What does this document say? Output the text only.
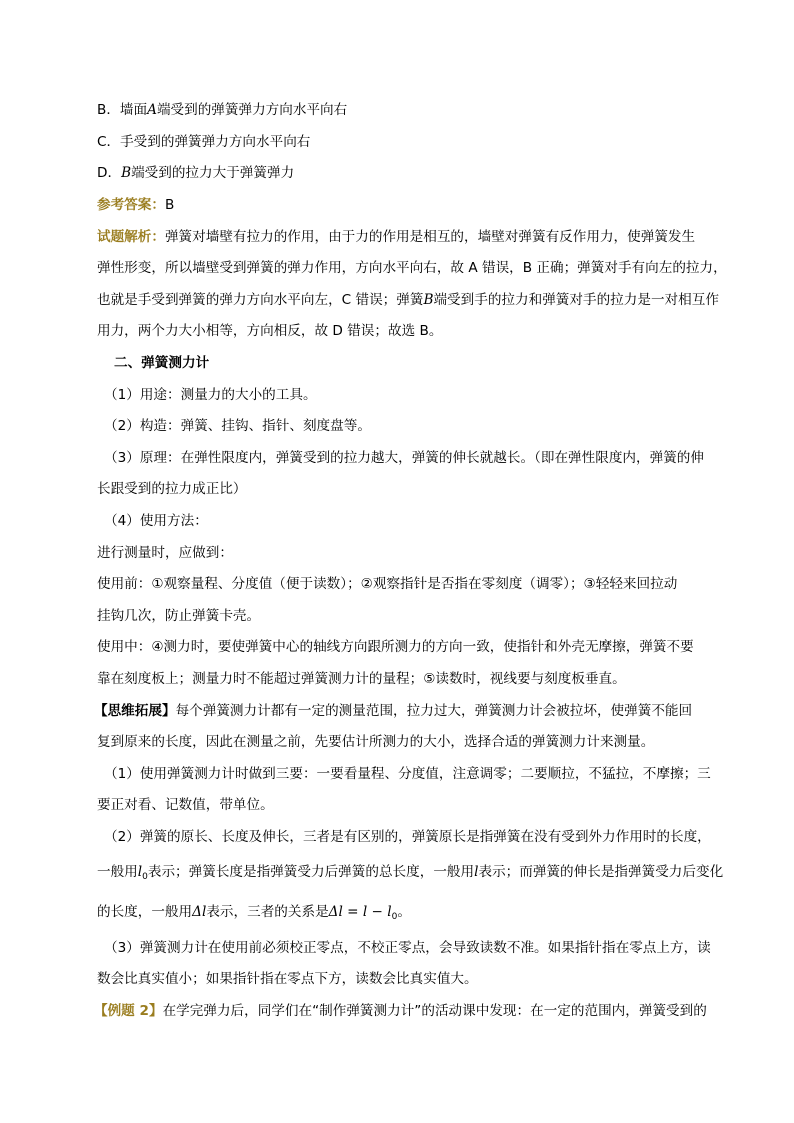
B．墙面A端受到的弹簧弹力方向水平向右
C．手受到的弹簧弹力方向水平向右
D．B端受到的拉力大于弹簧弹力
参考答案：B
试题解析：弹簧对墙壁有拉力的作用，由于力的作用是相互的，墙壁对弹簧有反作用力，使弹簧发生
弹性形变，所以墙壁受到弹簧的弹力作用，方向水平向右，故 A 错误，B 正确；弹簧对手有向左的拉力，
也就是手受到弹簧的弹力方向水平向左，C 错误；弹簧B端受到手的拉力和弹簧对手的拉力是一对相互作
用力，两个力大小相等，方向相反，故 D 错误；故选 B。
二、弹簧测力计
（1）用途：测量力的大小的工具。
（2）构造：弹簧、挂钩、指针、刻度盘等。
（3）原理：在弹性限度内，弹簧受到的拉力越大，弹簧的伸长就越长。（即在弹性限度内，弹簧的伸
长跟受到的拉力成正比）
（4）使用方法：
进行测量时，应做到：
使用前：①观察量程、分度值（便于读数）；②观察指针是否指在零刻度（调零）；③轻轻来回拉动
挂钩几次，防止弹簧卡壳。
使用中：④测力时，要使弹簧中心的轴线方向跟所测力的方向一致，使指针和外壳无摩擦，弹簧不要
靠在刻度板上；测量力时不能超过弹簧测力计的量程；⑤读数时，视线要与刻度板垂直。
【思维拓展】每个弹簧测力计都有一定的测量范围，拉力过大，弹簧测力计会被拉坏，使弹簧不能回
复到原来的长度，因此在测量之前，先要估计所测力的大小，选择合适的弹簧测力计来测量。
（1）使用弹簧测力计时做到三要：一要看量程、分度值，注意调零；二要顺拉，不猛拉，不摩擦；三
要正对看、记数值，带单位。
（2）弹簧的原长、长度及伸长，三者是有区别的，弹簧原长是指弹簧在没有受到外力作用时的长度，
一般用$l_0$表示；弹簧长度是指弹簧受力后弹簧的总长度，一般用l表示；而弹簧的伸长是指弹簧受力后变化
的长度，一般用Δl表示，三者的关系是$\Delta l = l - l_0$。
（3）弹簧测力计在使用前必须校正零点，不校正零点，会导致读数不准。如果指针指在零点上方，读
数会比真实值小；如果指针指在零点下方，读数会比真实值大。
【例题 2】在学完弹力后，同学们在“制作弹簧测力计”的活动课中发现：在一定的范围内，弹簧受到的
